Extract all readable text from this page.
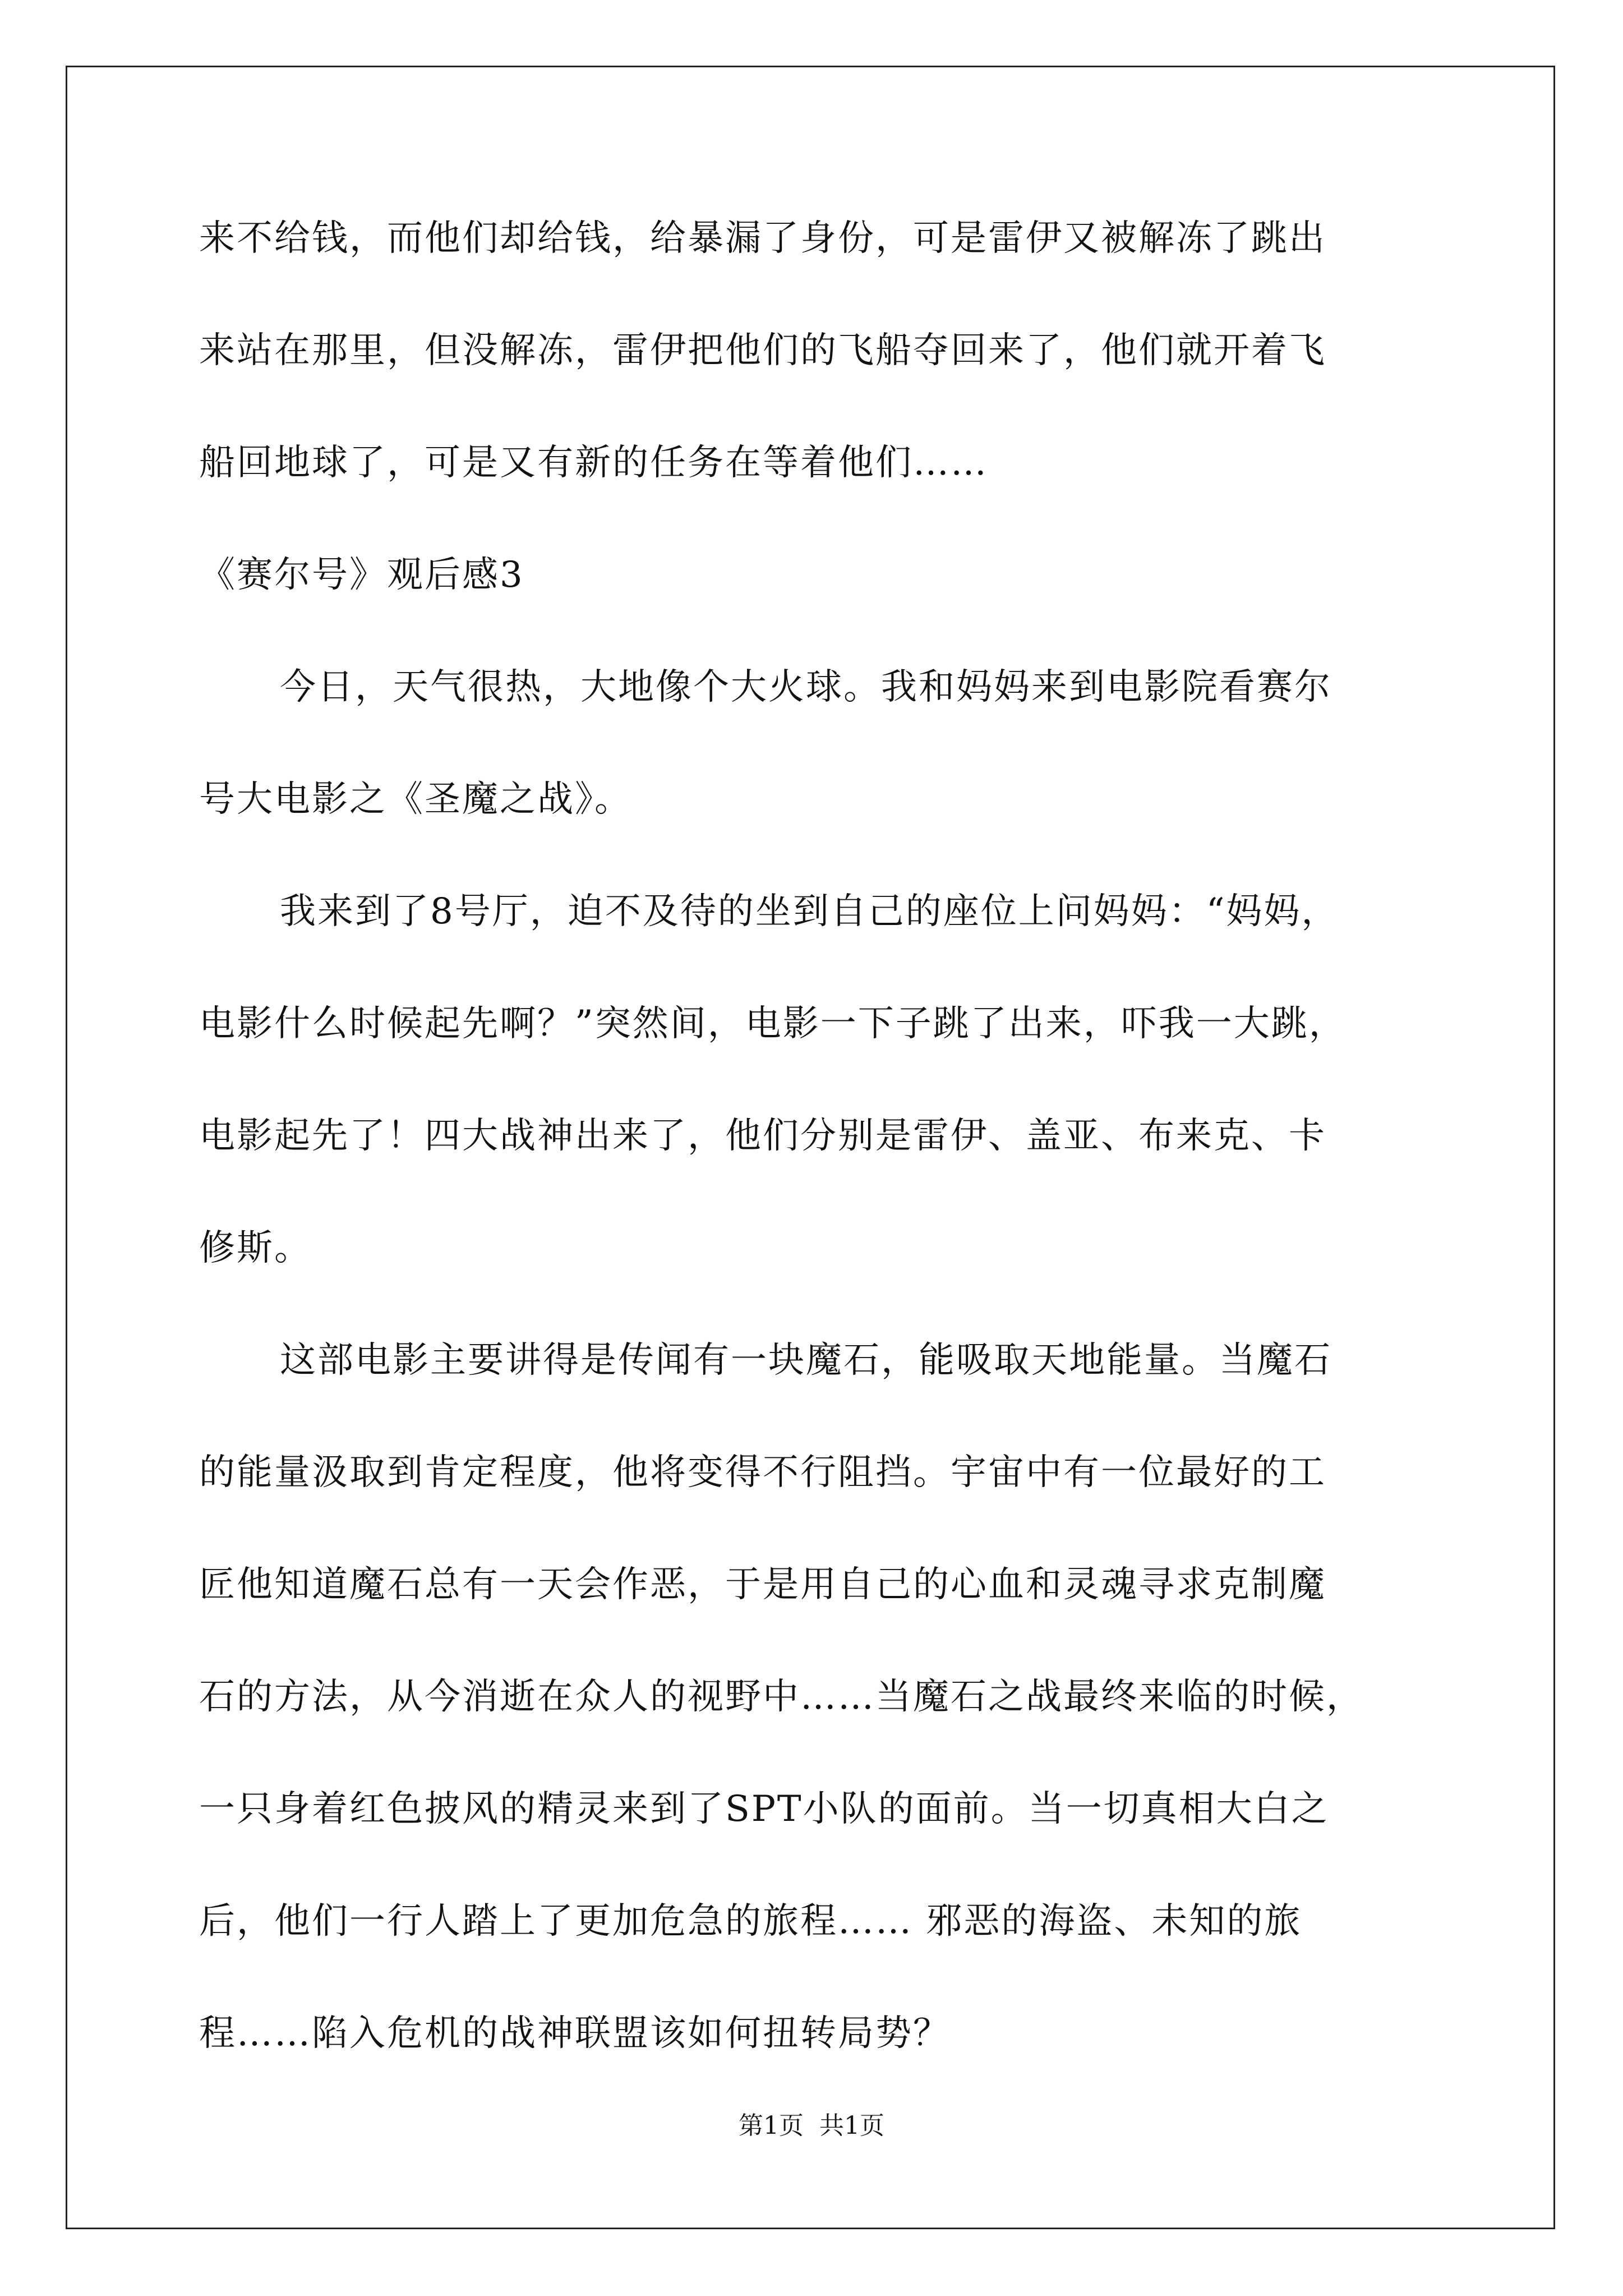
来不给钱，而他们却给钱，给暴漏了身份，可是雷伊又被解冻了跳出
来站在那里，但没解冻，雷伊把他们的飞船夺回来了，他们就开着飞
船回地球了，可是又有新的任务在等着他们……
《赛尔号》观后感3
今日，天气很热，大地像个大火球。我和妈妈来到电影院看赛尔
号大电影之《圣魔之战》。
我来到了8号厅，迫不及待的坐到自己的座位上问妈妈：“妈妈，
电影什么时候起先啊？”突然间，电影一下子跳了出来，吓我一大跳，
电影起先了！四大战神出来了，他们分别是雷伊、盖亚、布来克、卡
修斯。
这部电影主要讲得是传闻有一块魔石，能吸取天地能量。当魔石
的能量汲取到肯定程度，他将变得不行阻挡。宇宙中有一位最好的工
匠他知道魔石总有一天会作恶，于是用自己的心血和灵魂寻求克制魔
石的方法，从今消逝在众人的视野中……当魔石之战最终来临的时候，
一只身着红色披风的精灵来到了SPT小队的面前。当一切真相大白之
后，他们一行人踏上了更加危急的旅程…… 邪恶的海盗、未知的旅
程……陷入危机的战神联盟该如何扭转局势？
第1页 共1页
